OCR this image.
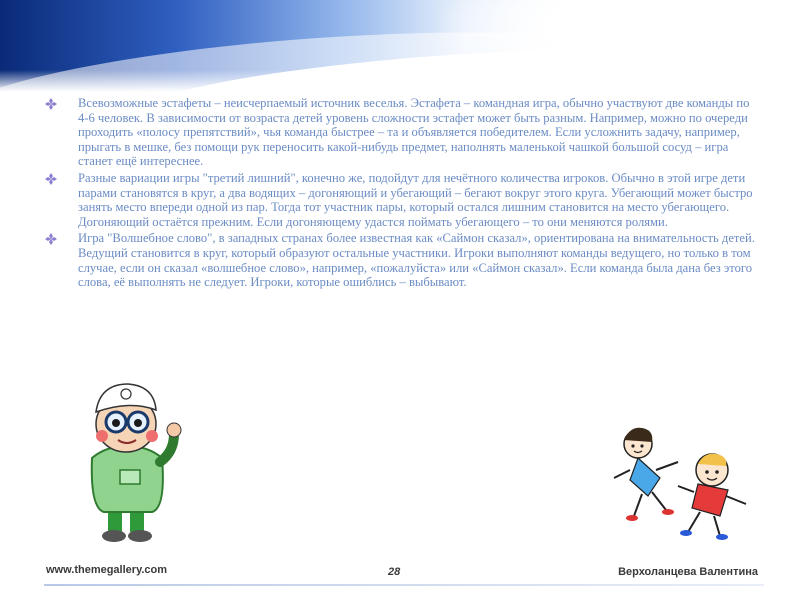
Всевозможные эстафеты – неисчерпаемый источник веселья. Эстафета – командная игра, обычно участвуют две команды по 4-6 человек. В зависимости от возраста детей уровень сложности эстафет может быть разным. Например, можно по очереди проходить «полосу препятствий», чья команда быстрее – та и объявляется победителем. Если усложнить задачу, например, прыгать в мешке, без помощи рук переносить какой-нибудь предмет, наполнять маленькой чашкой большой сосуд – игра станет ещё интереснее.
Разные вариации игры "третий лишний", конечно же, подойдут для нечётного количества игроков. Обычно в этой игре дети парами становятся в круг, а два водящих – догоняющий и убегающий – бегают вокруг этого круга. Убегающий может быстро занять место впереди одной из пар. Тогда тот участник пары, который остался лишним становится на место убегающего. Догоняющий остаётся прежним. Если догоняющему удастся поймать убегающего – то они меняются ролями.
Игра "Волшебное слово", в западных странах более известная как «Саймон сказал», ориентирована на внимательность детей. Ведущий становится в круг, который образуют остальные участники. Игроки выполняют команды ведущего, но только в том случае, если он сказал «волшебное слово», например, «пожалуйста» или «Саймон сказал». Если команда была дана без этого слова, её выполнять не следует. Игроки, которые ошиблись – выбывают.
www.themegallery.com	28	Верхоланцева Валентина
